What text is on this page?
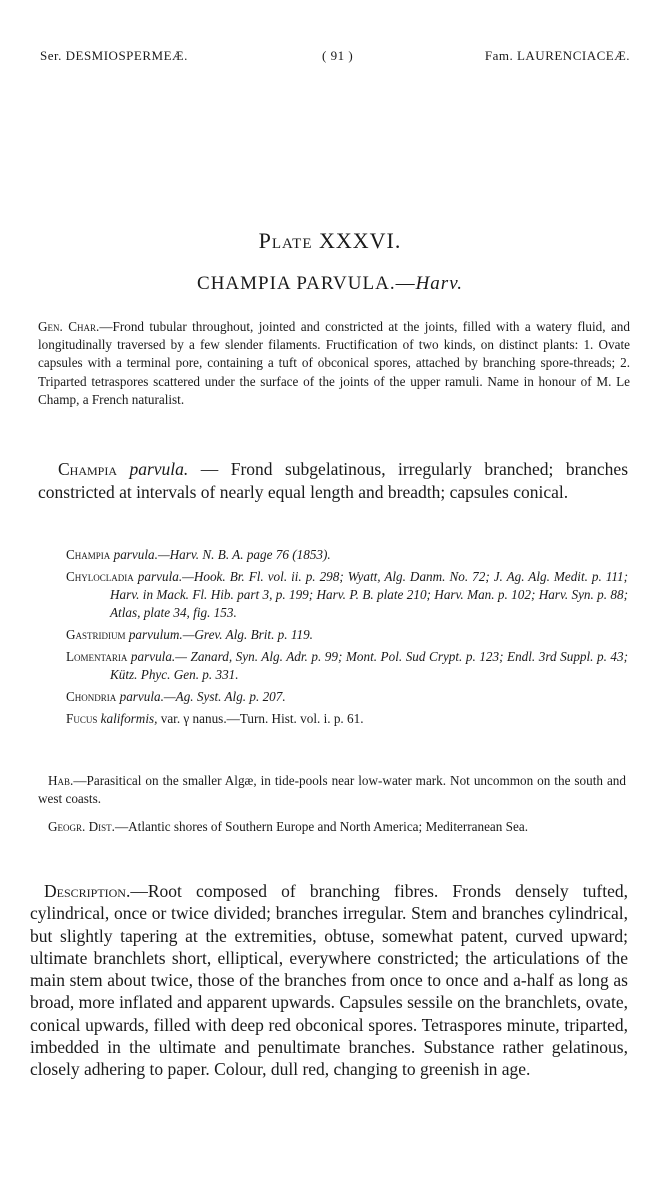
Ser. DESMIOSPERMEÆ.	( 91 )	Fam. LAURENCIACEÆ.
Plate XXXVI.
CHAMPIA PARVULA.—Harv.
Gen. Char.—Frond tubular throughout, jointed and constricted at the joints, filled with a watery fluid, and longitudinally traversed by a few slender filaments. Fructification of two kinds, on distinct plants: 1. Ovate capsules with a terminal pore, containing a tuft of obconical spores, attached by branching spore-threads; 2. Triparted tetraspores scattered under the surface of the joints of the upper ramuli. Name in honour of M. Le Champ, a French naturalist.
Champia parvula. — Frond subgelatinous, irregularly branched; branches constricted at intervals of nearly equal length and breadth; capsules conical.
Champia parvula.—Harv. N. B. A. page 76 (1853).
Chylocladia parvula.—Hook. Br. Fl. vol. ii. p. 298; Wyatt, Alg. Danm. No. 72; J. Ag. Alg. Medit. p. 111; Harv. in Mack. Fl. Hib. part 3, p. 199; Harv. P. B. plate 210; Harv. Man. p. 102; Harv. Syn. p. 88; Atlas, plate 34, fig. 153.
Gastridium parvulum.—Grev. Alg. Brit. p. 119.
Lomentaria parvula.— Zanard, Syn. Alg. Adr. p. 99; Mont. Pol. Sud Crypt. p. 123; Endl. 3rd Suppl. p. 43; Kütz. Phyc. Gen. p. 331.
Chondria parvula.—Ag. Syst. Alg. p. 207.
Fucus kaliformis, var. γ nanus.—Turn. Hist. vol. i. p. 61.
Hab.—Parasitical on the smaller Algæ, in tide-pools near low-water mark. Not uncommon on the south and west coasts.
Geogr. Dist.—Atlantic shores of Southern Europe and North America; Mediterranean Sea.
Description.—Root composed of branching fibres. Fronds densely tufted, cylindrical, once or twice divided; branches irregular. Stem and branches cylindrical, but slightly tapering at the extremities, obtuse, somewhat patent, curved upward; ultimate branchlets short, elliptical, everywhere constricted; the articulations of the main stem about twice, those of the branches from once to once and a-half as long as broad, more inflated and apparent upwards. Capsules sessile on the branchlets, ovate, conical upwards, filled with deep red obconical spores. Tetraspores minute, triparted, imbedded in the ultimate and penultimate branches. Substance rather gelatinous, closely adhering to paper. Colour, dull red, changing to greenish in age.
